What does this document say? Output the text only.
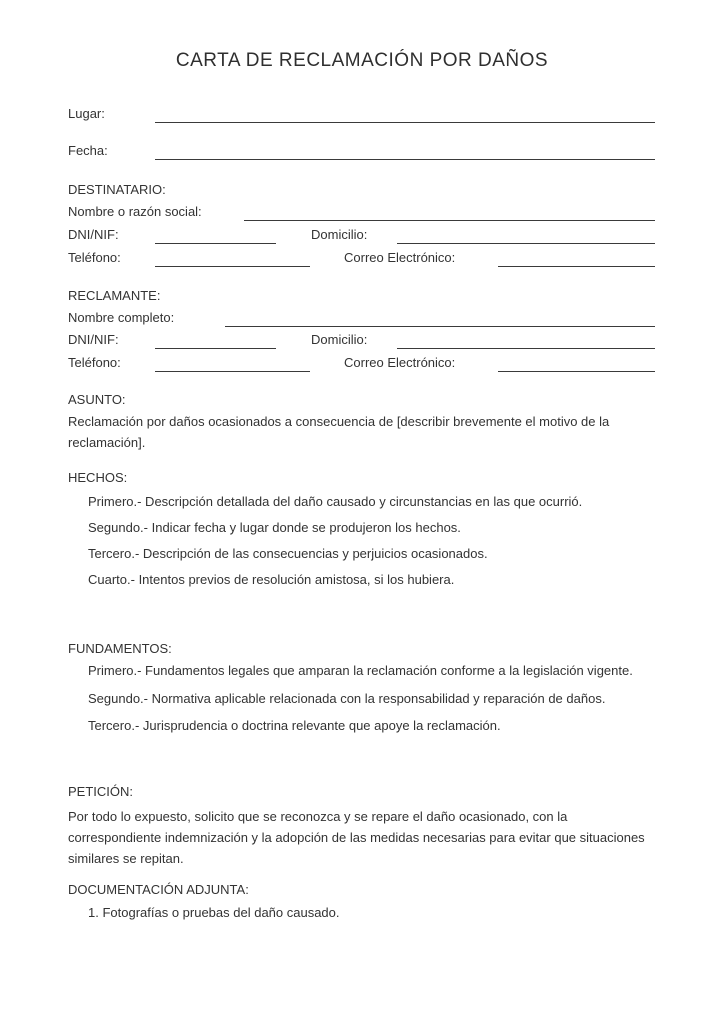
CARTA DE RECLAMACIÓN POR DAÑOS
Lugar:
Fecha:
DESTINATARIO:
Nombre o razón social:
DNI/NIF:	Domicilio:
Teléfono:	Correo Electrónico:
RECLAMANTE:
Nombre completo:
DNI/NIF:	Domicilio:
Teléfono:	Correo Electrónico:
ASUNTO:
Reclamación por daños ocasionados a consecuencia de [describir brevemente el motivo de la reclamación].
HECHOS:
Primero.- Descripción detallada del daño causado y circunstancias en las que ocurrió.
Segundo.- Indicar fecha y lugar donde se produjeron los hechos.
Tercero.- Descripción de las consecuencias y perjuicios ocasionados.
Cuarto.- Intentos previos de resolución amistosa, si los hubiera.
FUNDAMENTOS:
Primero.- Fundamentos legales que amparan la reclamación conforme a la legislación vigente.
Segundo.- Normativa aplicable relacionada con la responsabilidad y reparación de daños.
Tercero.- Jurisprudencia o doctrina relevante que apoye la reclamación.
PETICIÓN:
Por todo lo expuesto, solicito que se reconozca y se repare el daño ocasionado, con la correspondiente indemnización y la adopción de las medidas necesarias para evitar que situaciones similares se repitan.
DOCUMENTACIÓN ADJUNTA:
1. Fotografías o pruebas del daño causado.
